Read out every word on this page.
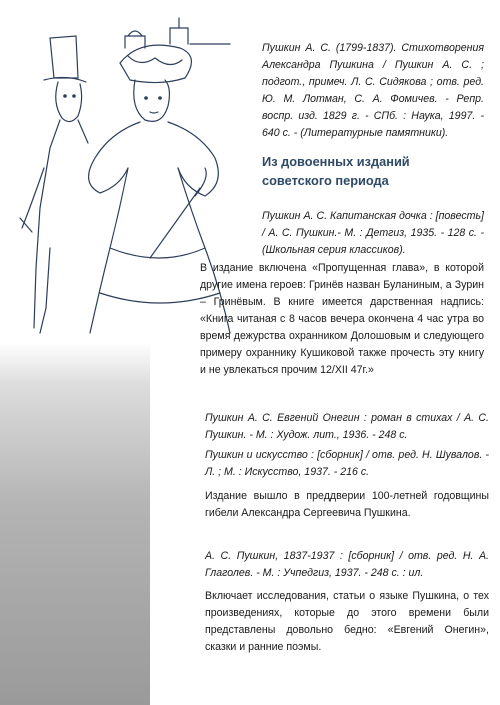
Пушкин А. С. (1799-1837). Стихотворения Александра Пушкина / Пушкин А. С. ; подгот., примеч. Л. С. Сидякова ; отв. ред. Ю. М. Лотман, С. А. Фомичев. - Репр. воспр. изд. 1829 г. - СПб. : Наука, 1997. - 640 с. - (Литературные памятники).
Из довоенных изданий советского периода
Пушкин А. С. Капитанская дочка : [повесть] / А. С. Пушкин.- М. : Детгиз, 1935. - 128 с. - (Школьная серия классиков).
В издание включена «Пропущенная глава», в которой другие имена героев: Гринёв назван Буланиным, а Зурин – Гринёвым. В книге имеется дарственная надпись: «Книга читаная с 8 часов вечера окончена 4 час утра во время дежурства охранником Долошовым и следующего примеру охраннику Кушиковой также прочесть эту книгу и не увлекаться прочим 12/XII 47г.»
Пушкин А. С. Евгений Онегин : роман в стихах / А. С. Пушкин. - М. : Худож. лит., 1936. - 248 с.
Пушкин и искусство : [сборник] / отв. ред. Н. Шувалов. - Л. ; М. : Искусство, 1937. - 216 с.
Издание вышло в преддверии 100-летней годовщины гибели Александра Сергеевича Пушкина.
А. С. Пушкин, 1837-1937 : [сборник] / отв. ред. Н. А. Глаголев. - М. : Учпедгиз, 1937. - 248 с. : ил.
Включает исследования, статьи о языке Пушкина, о тех произведениях, которые до этого времени были представлены довольно бедно: «Евгений Онегин», сказки и ранние поэмы.
